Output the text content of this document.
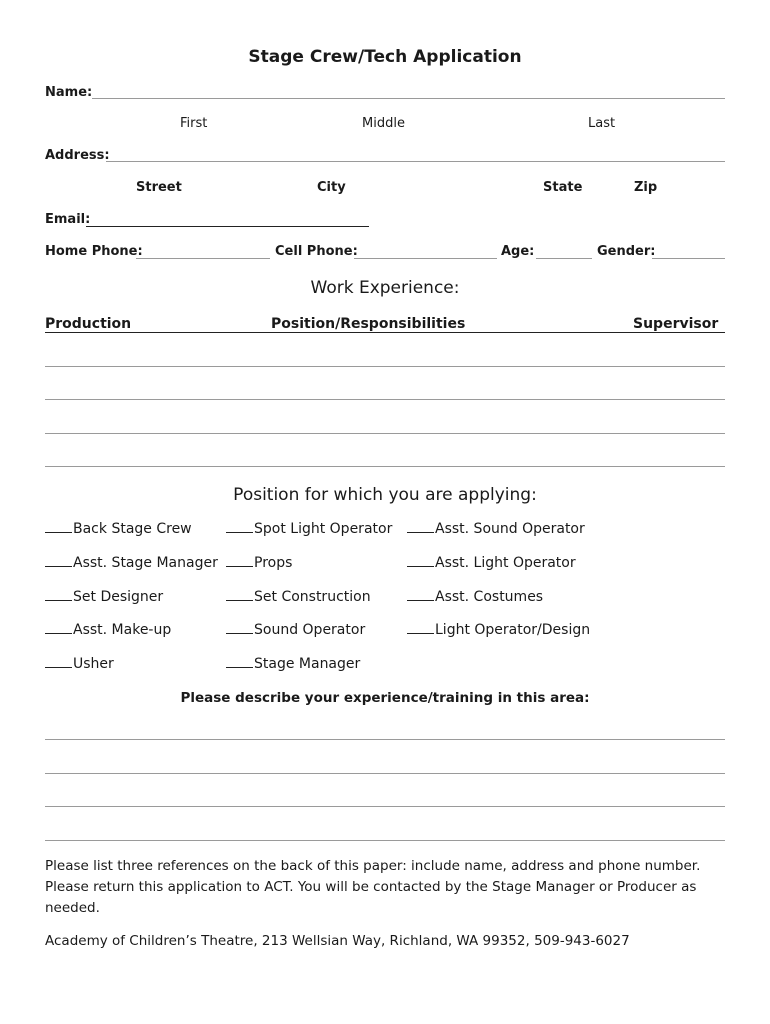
Stage Crew/Tech Application
Name:
First	Middle	Last
Address:
Street	City	State	Zip
Email:
Home Phone:	Cell Phone:	Age:	Gender:
Work Experience:
Production	Position/Responsibilities	Supervisor
Position for which you are applying:
Back Stage Crew
Asst. Stage Manager
Set Designer
Asst. Make-up
Usher
Spot Light Operator
Props
Set Construction
Sound Operator
Stage Manager
Asst. Sound Operator
Asst. Light Operator
Asst. Costumes
Light Operator/Design
Please describe your experience/training in this area:
Please list three references on the back of this paper: include name, address and phone number. Please return this application to ACT. You will be contacted by the Stage Manager or Producer as needed.
Academy of Children’s Theatre, 213 Wellsian Way, Richland, WA 99352, 509-943-6027
